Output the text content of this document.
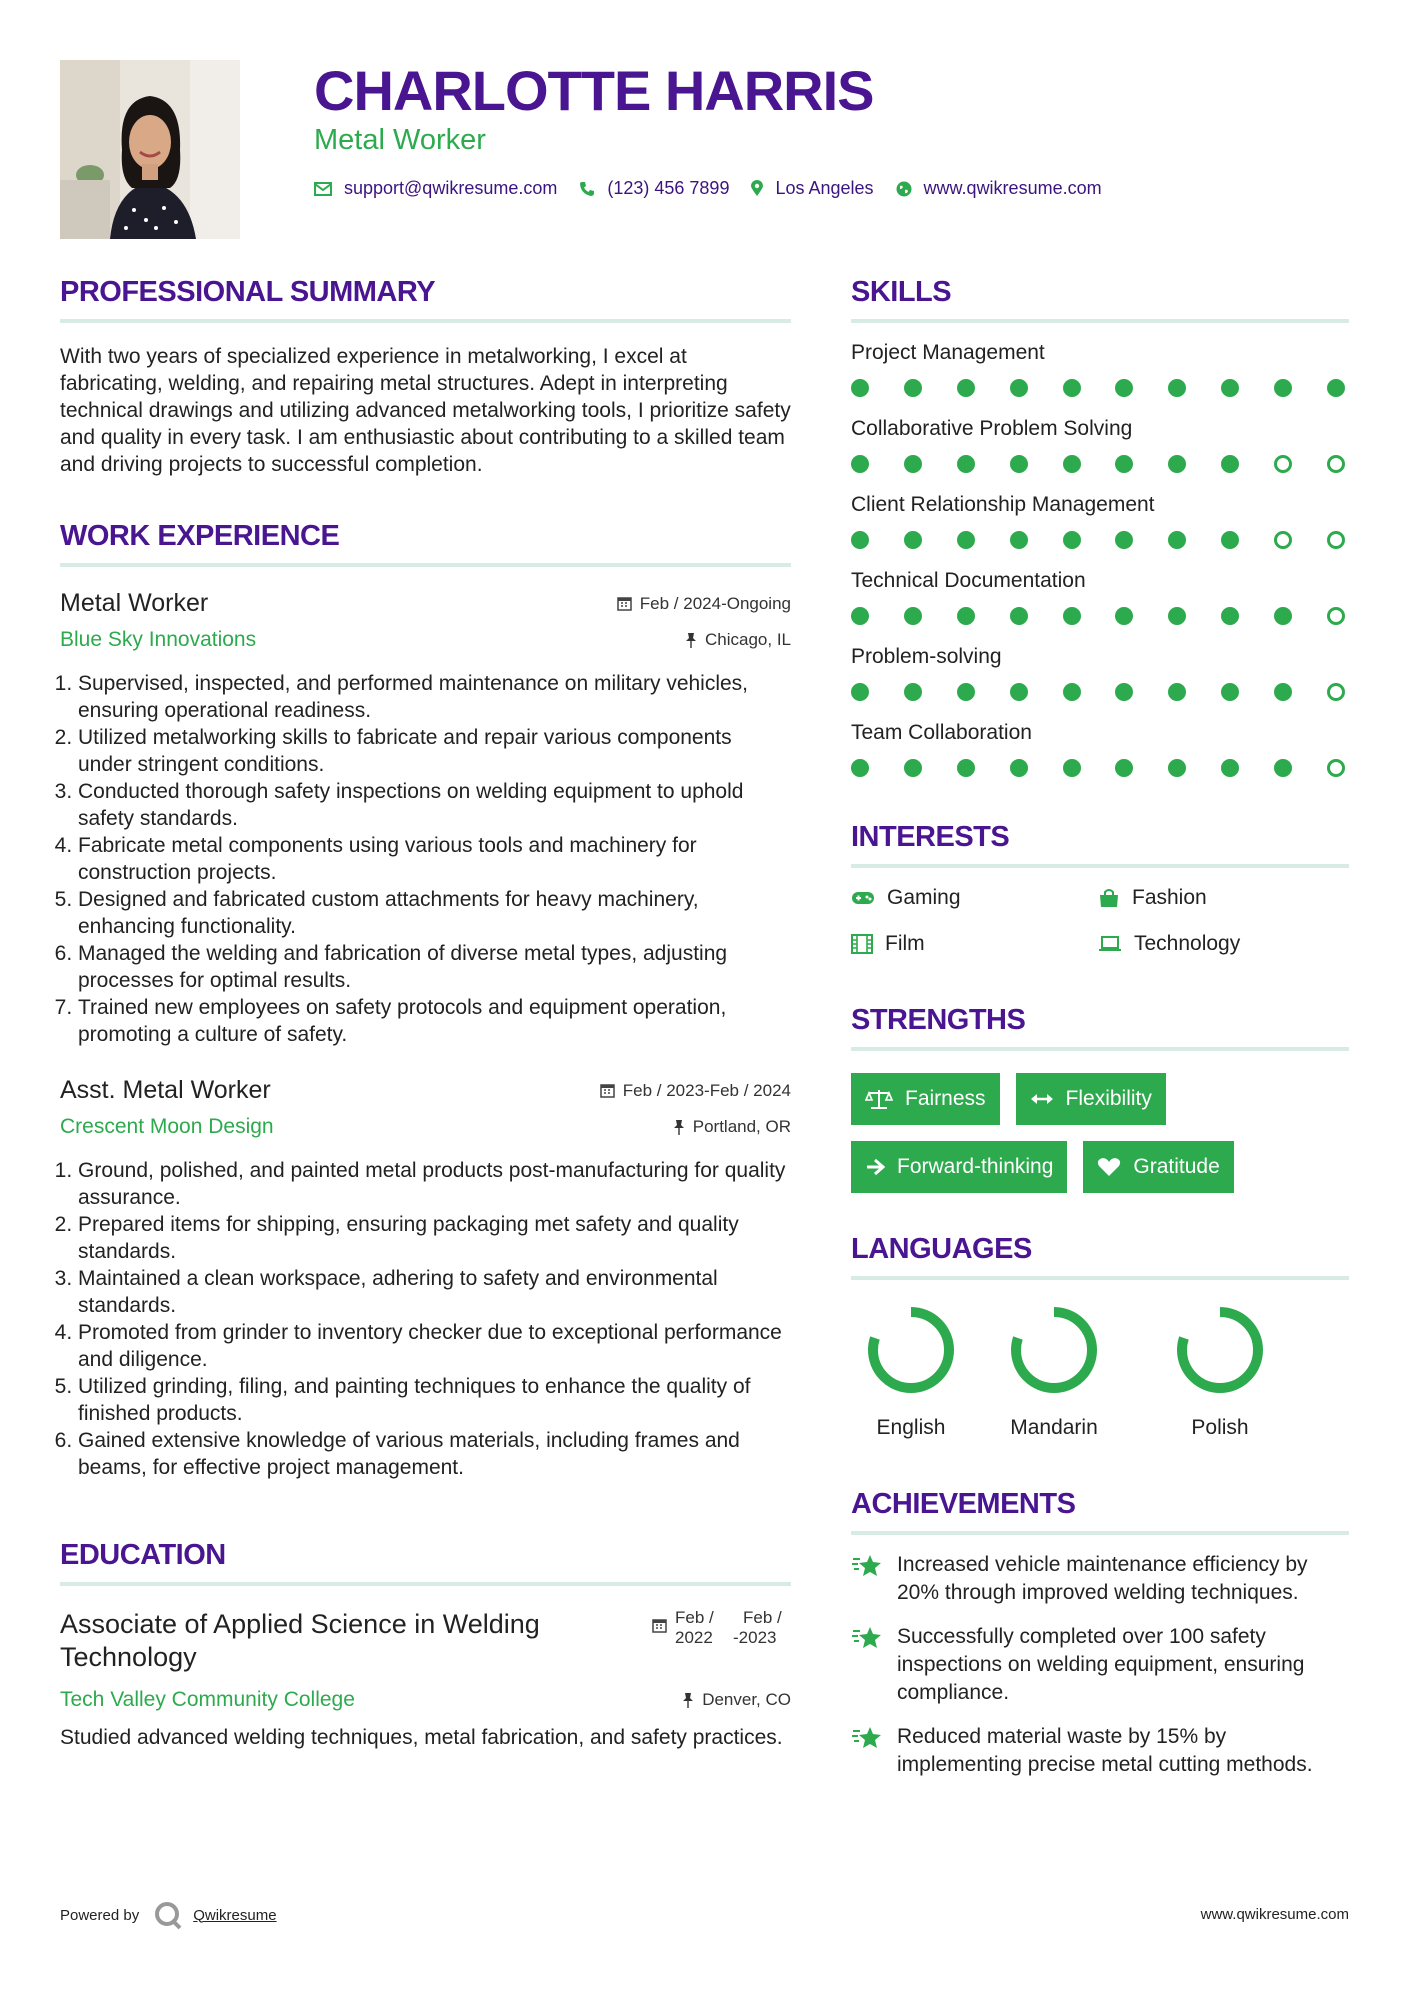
CHARLOTTE HARRIS
Metal Worker
support@qwikresume.com	(123) 456 7899	Los Angeles	www.qwikresume.com
PROFESSIONAL SUMMARY

With two years of specialized experience in metalworking, I excel at fabricating, welding, and repairing metal structures. Adept in interpreting technical drawings and utilizing advanced metalworking tools, I prioritize safety and quality in every task. I am enthusiastic about contributing to a skilled team and driving projects to successful completion.

WORK EXPERIENCE
Metal Worker	Feb / 2024-Ongoing
Blue Sky Innovations	Chicago, IL
1. Supervised, inspected, and performed maintenance on military vehicles, ensuring operational readiness.
2. Utilized metalworking skills to fabricate and repair various components under stringent conditions.
3. Conducted thorough safety inspections on welding equipment to uphold safety standards.
4. Fabricate metal components using various tools and machinery for construction projects.
5. Designed and fabricated custom attachments for heavy machinery, enhancing functionality.
6. Managed the welding and fabrication of diverse metal types, adjusting processes for optimal results.
7. Trained new employees on safety protocols and equipment operation, promoting a culture of safety.
Asst. Metal Worker	Feb / 2023-Feb / 2024
Crescent Moon Design	Portland, OR
1. Ground, polished, and painted metal products post-manufacturing for quality assurance.
2. Prepared items for shipping, ensuring packaging met safety and quality standards.
3. Maintained a clean workspace, adhering to safety and environmental standards.
4. Promoted from grinder to inventory checker due to exceptional performance and diligence.
5. Utilized grinding, filing, and painting techniques to enhance the quality of finished products.
6. Gained extensive knowledge of various materials, including frames and beams, for effective project management.
EDUCATION
Associate of Applied Science in Welding Technology
Feb /
2022
Feb /
-2023
Tech Valley Community College	Denver, CO

Studied advanced welding techniques, metal fabrication, and safety practices.

SKILLS
Project Management
Collaborative Problem Solving
Client Relationship Management
Technical Documentation
Problem-solving
Team Collaboration
INTERESTS
Gaming	Fashion
Film	Technology
STRENGTHS
Fairness	Flexibility
Forward-thinking	Gratitude
LANGUAGES
English	Mandarin	Polish
ACHIEVEMENTS
Increased vehicle maintenance efficiency by 20% through improved welding techniques.
Successfully completed over 100 safety inspections on welding equipment, ensuring compliance.
Reduced material waste by 15% by implementing precise metal cutting methods.
Powered by	Qwikresume	www.qwikresume.com
